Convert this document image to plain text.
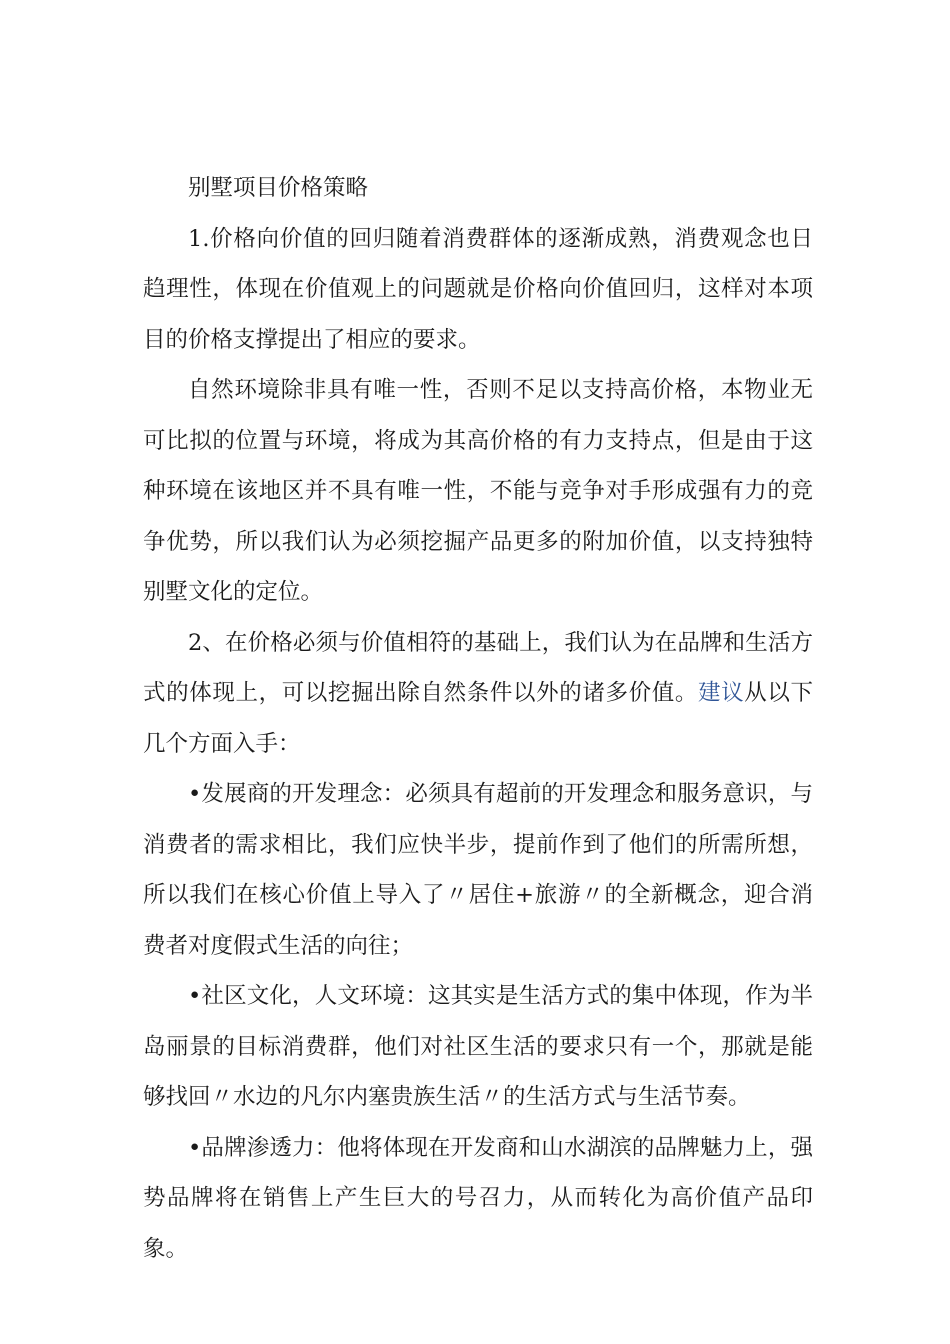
别墅项目价格策略

1.价格向价值的回归随着消费群体的逐渐成熟，消费观念也日趋理性，体现在价值观上的问题就是价格向价值回归，这样对本项目的价格支撑提出了相应的要求。

自然环境除非具有唯一性，否则不足以支持高价格，本物业无可比拟的位置与环境，将成为其高价格的有力支持点，但是由于这种环境在该地区并不具有唯一性，不能与竞争对手形成强有力的竞争优势，所以我们认为必须挖掘产品更多的附加价值，以支持独特别墅文化的定位。

2、在价格必须与价值相符的基础上，我们认为在品牌和生活方式的体现上，可以挖掘出除自然条件以外的诸多价值。建议从以下几个方面入手：

•发展商的开发理念：必须具有超前的开发理念和服务意识，与消费者的需求相比，我们应快半步，提前作到了他们的所需所想，所以我们在核心价值上导入了〃居住+旅游〃的全新概念，迎合消费者对度假式生活的向往；

•社区文化，人文环境：这其实是生活方式的集中体现，作为半岛丽景的目标消费群，他们对社区生活的要求只有一个，那就是能够找回〃水边的凡尔内塞贵族生活〃的生活方式与生活节奏。

•品牌渗透力：他将体现在开发商和山水湖滨的品牌魅力上，强势品牌将在销售上产生巨大的号召力，从而转化为高价值产品印象。
